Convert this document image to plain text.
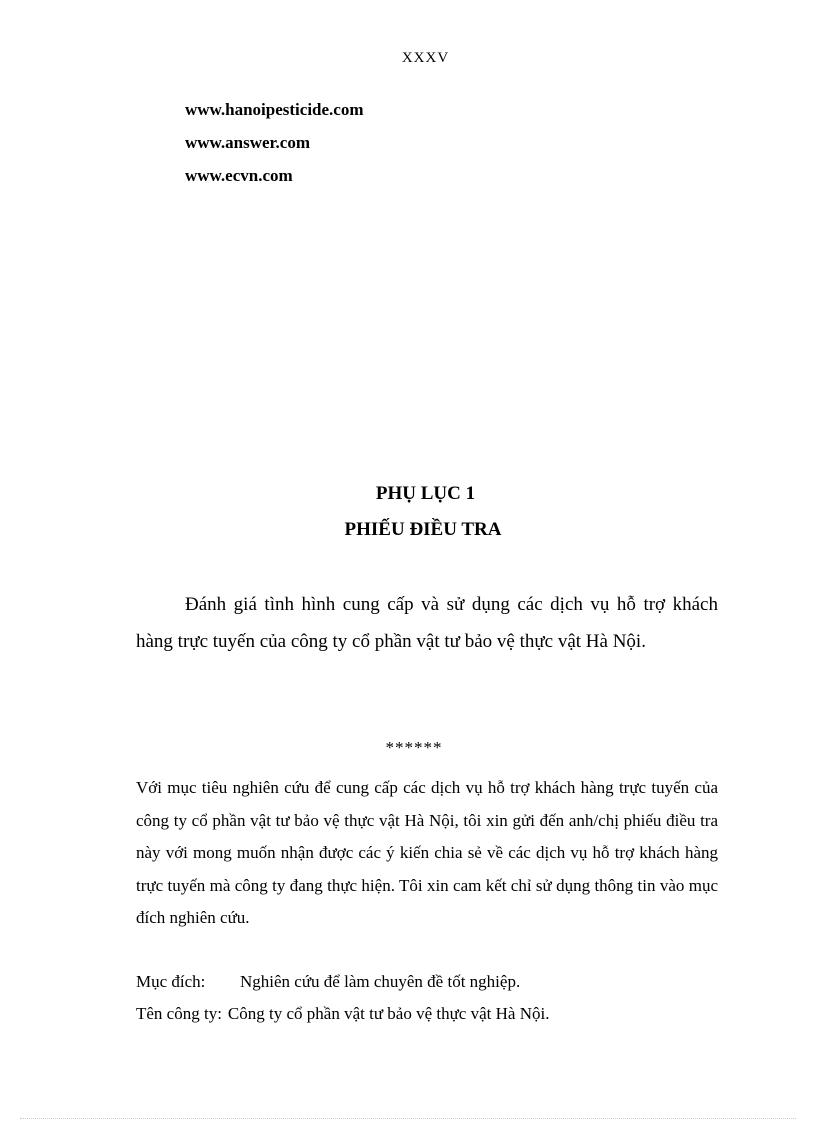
XXXV
www.hanoipesticide.com
www.answer.com
www.ecvn.com
PHỤ LỤC 1
PHIẾU ĐIỀU TRA

Đánh giá tình hình cung cấp và sử dụng các dịch vụ hỗ trợ khách hàng trực tuyến của công ty cổ phần vật tư bảo vệ thực vật Hà Nội.

******

Với mục tiêu nghiên cứu để cung cấp các dịch vụ hỗ trợ khách hàng trực tuyến của công ty cổ phần vật tư bảo vệ thực vật Hà Nội, tôi xin gửi đến anh/chị phiếu điều tra này với mong muốn nhận được các ý kiến chia sẻ về các dịch vụ hỗ trợ khách hàng trực tuyến mà công ty đang thực hiện. Tôi xin cam kết chỉ sử dụng thông tin vào mục đích nghiên cứu.

Mục đích: Nghiên cứu để làm chuyên đề tốt nghiệp.
Tên công ty: Công ty cổ phần vật tư bảo vệ thực vật Hà Nội.
